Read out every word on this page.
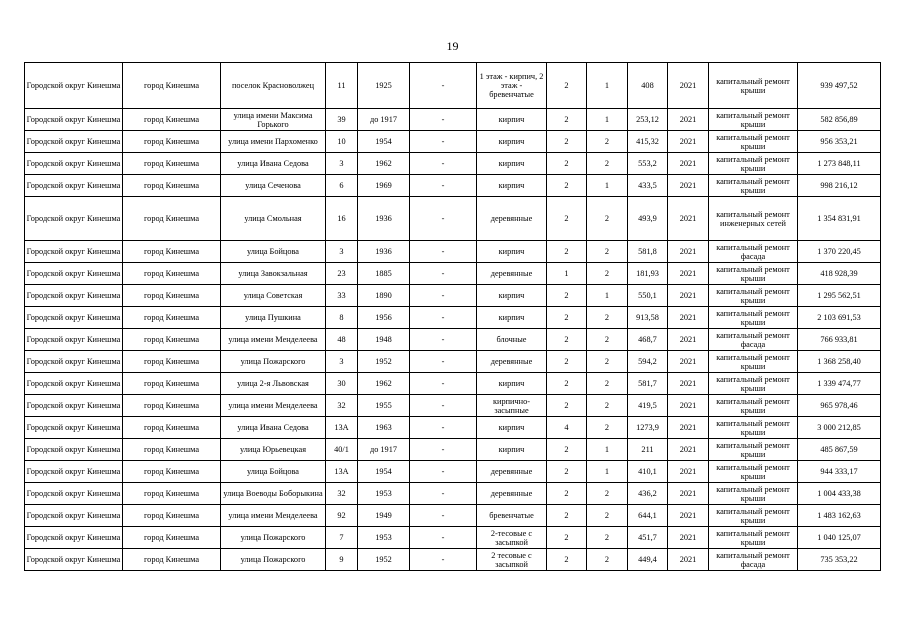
19
Городской округ Кинешма	город Кинешма	поселок Красноволжец	11	1925	-	1 этаж - кирпич, 2 этаж - бревенчатые	2	1	408	2021	капитальный ремонт крыши	939 497,52
Городской округ Кинешма	город Кинешма	улица имени Максима Горького	39	до 1917	-	кирпич	2	1	253,12	2021	капитальный ремонт крыши	582 856,89
Городской округ Кинешма	город Кинешма	улица имени Пархоменко	10	1954	-	кирпич	2	2	415,32	2021	капитальный ремонт крыши	956 353,21
Городской округ Кинешма	город Кинешма	улица Ивана Седова	3	1962	-	кирпич	2	2	553,2	2021	капитальный ремонт крыши	1 273 848,11
Городской округ Кинешма	город Кинешма	улица Сеченова	6	1969	-	кирпич	2	1	433,5	2021	капитальный ремонт крыши	998 216,12
Городской округ Кинешма	город Кинешма	улица Смольная	16	1936	-	деревянные	2	2	493,9	2021	капитальный ремонт инженерных сетей	1 354 831,91
Городской округ Кинешма	город Кинешма	улица Бойцова	3	1936	-	кирпич	2	2	581,8	2021	капитальный ремонт фасада	1 370 220,45
Городской округ Кинешма	город Кинешма	улица Завокзальная	23	1885	-	деревянные	1	2	181,93	2021	капитальный ремонт крыши	418 928,39
Городской округ Кинешма	город Кинешма	улица Советская	33	1890	-	кирпич	2	1	550,1	2021	капитальный ремонт крыши	1 295 562,51
Городской округ Кинешма	город Кинешма	улица Пушкина	8	1956	-	кирпич	2	2	913,58	2021	капитальный ремонт крыши	2 103 691,53
Городской округ Кинешма	город Кинешма	улица имени Менделеева	48	1948	-	блочные	2	2	468,7	2021	капитальный ремонт фасада	766 933,81
Городской округ Кинешма	город Кинешма	улица Пожарского	3	1952	-	деревянные	2	2	594,2	2021	капитальный ремонт крыши	1 368 258,40
Городской округ Кинешма	город Кинешма	улица 2-я Львовская	30	1962	-	кирпич	2	2	581,7	2021	капитальный ремонт крыши	1 339 474,77
Городской округ Кинешма	город Кинешма	улица имени Менделеева	32	1955	-	кирпично-засыпные	2	2	419,5	2021	капитальный ремонт крыши	965 978,46
Городской округ Кинешма	город Кинешма	улица Ивана Седова	13А	1963	-	кирпич	4	2	1273,9	2021	капитальный ремонт крыши	3 000 212,85
Городской округ Кинешма	город Кинешма	улица Юрьевецкая	40/1	до 1917	-	кирпич	2	1	211	2021	капитальный ремонт крыши	485 867,59
Городской округ Кинешма	город Кинешма	улица Бойцова	13А	1954	-	деревянные	2	1	410,1	2021	капитальный ремонт крыши	944 333,17
Городской округ Кинешма	город Кинешма	улица Воеводы Боборыкина	32	1953	-	деревянные	2	2	436,2	2021	капитальный ремонт крыши	1 004 433,38
Городской округ Кинешма	город Кинешма	улица имени Менделеева	92	1949	-	бревенчатые	2	2	644,1	2021	капитальный ремонт крыши	1 483 162,63
Городской округ Кинешма	город Кинешма	улица Пожарского	7	1953	-	2-тесовые с засыпкой	2	2	451,7	2021	капитальный ремонт крыши	1 040 125,07
Городской округ Кинешма	город Кинешма	улица Пожарского	9	1952	-	2 тесовые с засыпкой	2	2	449,4	2021	капитальный ремонт фасада	735 353,22
